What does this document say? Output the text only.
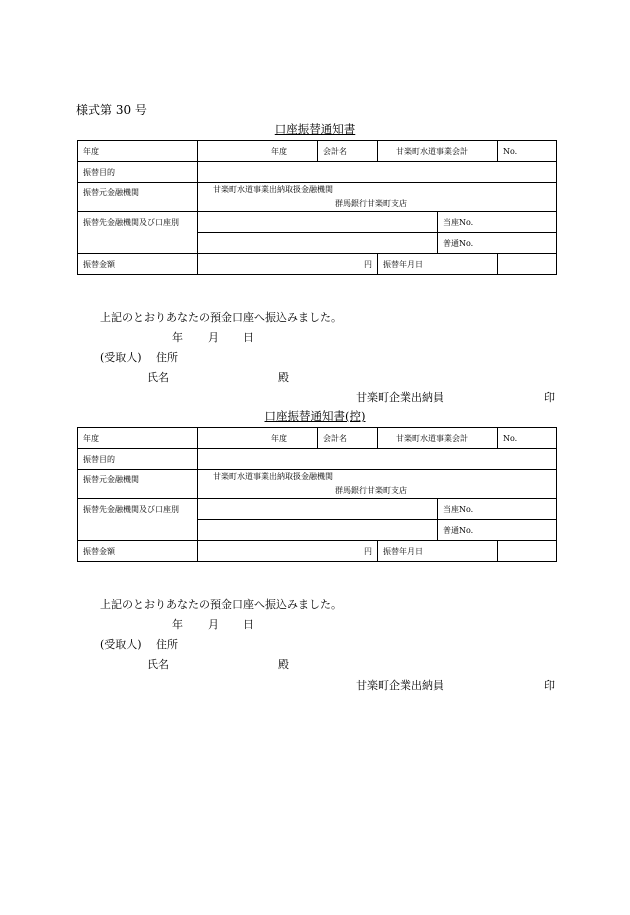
様式第 30 号
口座振替通知書
年度	年度	会計名	甘楽町水道事業会計		No.
振替目的					
振替元金融機関	甘楽町水道事業出納取扱金融機関
群馬銀行甘楽町支店				

振替先金融機関及び口座別				当座No.	
				普通No.	
振替金額	円		振替年月日		
上記のとおりあなたの預金口座へ振込みました。
年 月 日
(受取人) 住所
氏名	殿
甘楽町企業出納員	印
口座振替通知書(控)
年度	年度	会計名	甘楽町水道事業会計		No.
振替目的					
振替元金融機関	甘楽町水道事業出納取扱金融機関
群馬銀行甘楽町支店				

振替先金融機関及び口座別				当座No.	
				普通No.	
振替金額	円		振替年月日		
上記のとおりあなたの預金口座へ振込みました。
年 月 日
(受取人) 住所
氏名	殿
甘楽町企業出納員	印
